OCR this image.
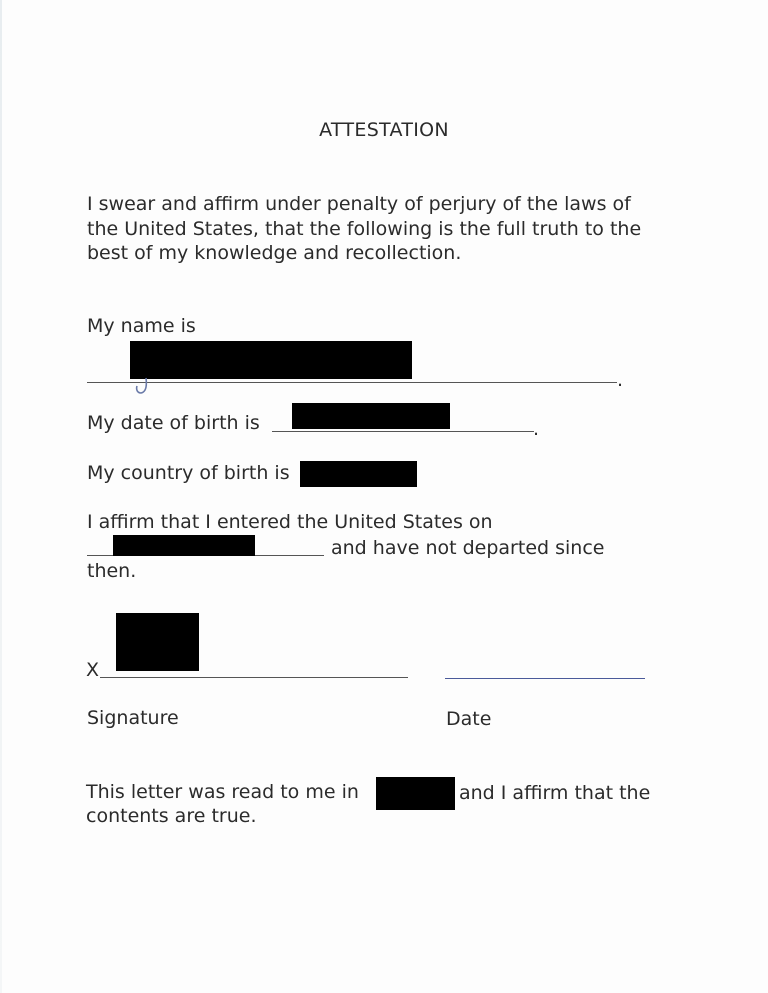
ATTESTATION
I swear and affirm under penalty of perjury of the laws of
the United States, that the following is the full truth to the
best of my knowledge and recollection.
My name is
.
My date of birth is	.
My country of birth is
I affirm that I entered the United States on
and have not departed since
then.
X
Signature	Date
This letter was read to me in	and I affirm that the
contents are true.
